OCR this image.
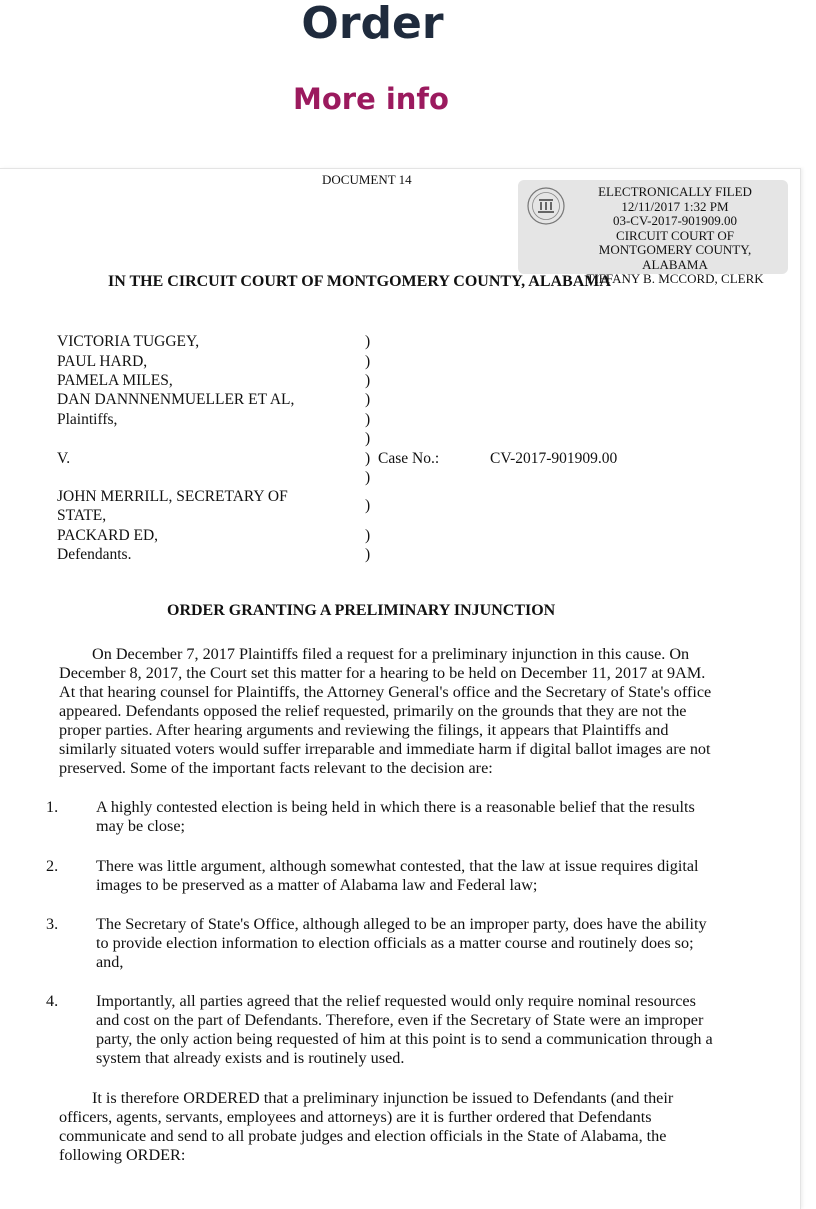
Order
More info
DOCUMENT 14
ELECTRONICALLY FILED
12/11/2017 1:32 PM
03-CV-2017-901909.00
CIRCUIT COURT OF
MONTGOMERY COUNTY, ALABAMA
TIFFANY B. MCCORD, CLERK
IN THE CIRCUIT COURT OF MONTGOMERY COUNTY, ALABAMA
VICTORIA TUGGEY,
PAUL HARD,
PAMELA MILES,
DAN DANNNENMUELLER ET AL,
Plaintiffs,
V.	Case No.:	CV-2017-901909.00
JOHN MERRILL, SECRETARY OF
STATE,
PACKARD ED,
Defendants.
)
)
)
)
)
)
)
)
)
)
)
ORDER GRANTING A PRELIMINARY INJUNCTION
On December 7, 2017 Plaintiffs filed a request for a preliminary injunction in this cause. On December 8, 2017, the Court set this matter for a hearing to be held on December 11, 2017 at 9AM. At that hearing counsel for Plaintiffs, the Attorney General's office and the Secretary of State's office appeared. Defendants opposed the relief requested, primarily on the grounds that they are not the proper parties. After hearing arguments and reviewing the filings, it appears that Plaintiffs and similarly situated voters would suffer irreparable and immediate harm if digital ballot images are not preserved. Some of the important facts relevant to the decision are:
1. A highly contested election is being held in which there is a reasonable belief that the results may be close;
2. There was little argument, although somewhat contested, that the law at issue requires digital images to be preserved as a matter of Alabama law and Federal law;
3. The Secretary of State's Office, although alleged to be an improper party, does have the ability to provide election information to election officials as a matter course and routinely does so; and,
4. Importantly, all parties agreed that the relief requested would only require nominal resources and cost on the part of Defendants. Therefore, even if the Secretary of State were an improper party, the only action being requested of him at this point is to send a communication through a system that already exists and is routinely used.
It is therefore ORDERED that a preliminary injunction be issued to Defendants (and their officers, agents, servants, employees and attorneys) are it is further ordered that Defendants communicate and send to all probate judges and election officials in the State of Alabama, the following ORDER:
